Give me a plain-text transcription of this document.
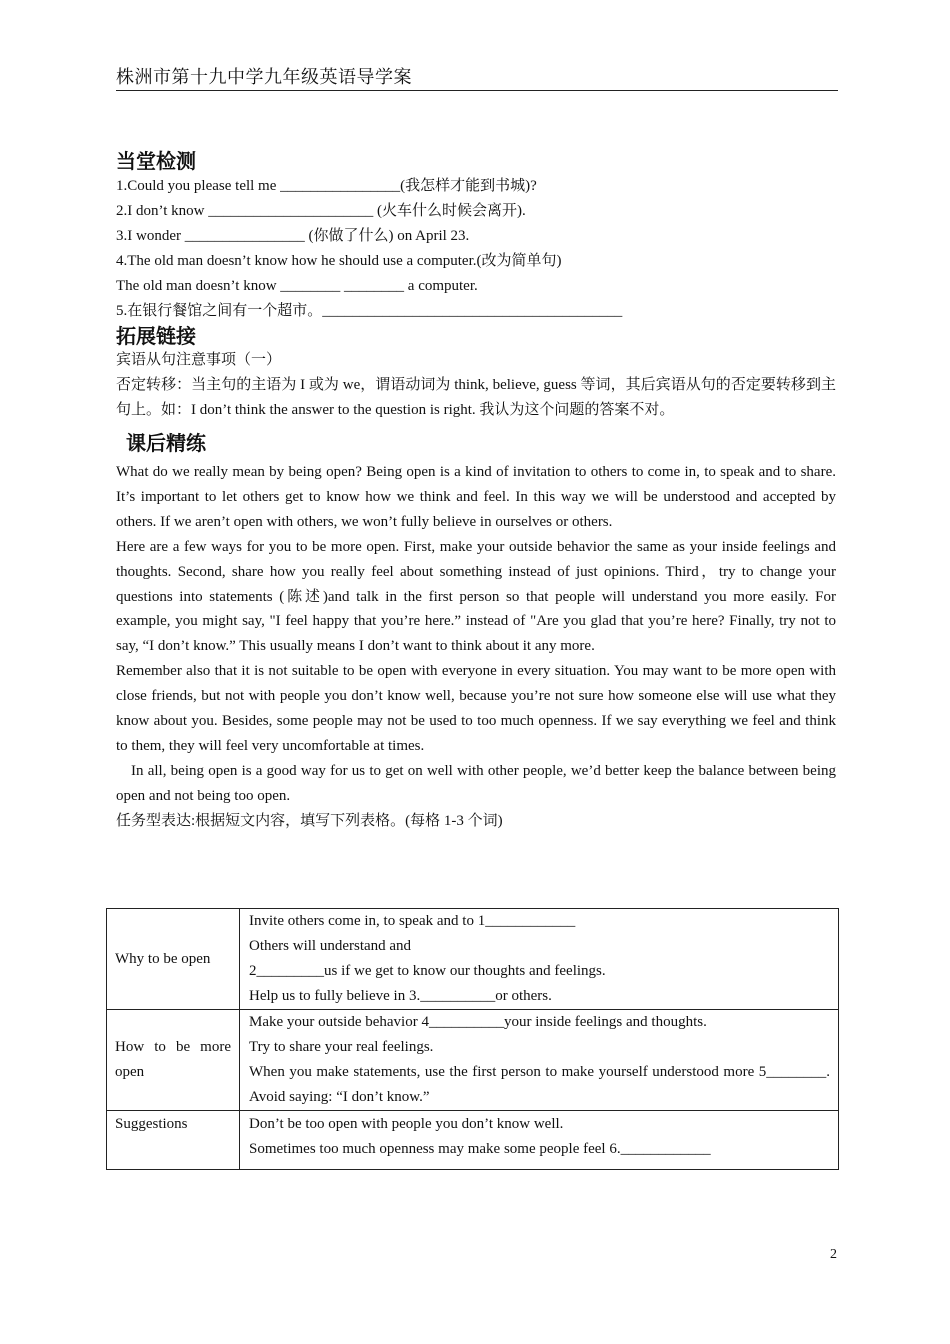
株洲市第十九中学九年级英语导学案
当堂检测
1.Could you please tell me ________________(我怎样才能到书城)?
2.I don’t know ______________________ (火车什么时候会离开).
3.I wonder ________________ (你做了什么) on April 23.
4.The old man doesn’t know how he should use a computer.(改为简单句)
The old man doesn’t know ________ ________ a computer.
5.在银行餐馆之间有一个超市。________________________________________
拓展链接
宾语从句注意事项（一）

否定转移：当主句的主语为 I 或为 we，谓语动词为 think, believe, guess 等词，其后宾语从句的否定要转移到主句上。如：I don’t think the answer to the question is right. 我认为这个问题的答案不对。

课后精练

What do we really mean by being open? Being open is a kind of invitation to others to come in, to speak and to share. It’s important to let others get to know how we think and feel. In this way we will be understood and accepted by others. If we aren’t open with others, we won’t fully believe in ourselves or others.

Here are a few ways for you to be more open. First, make your outside behavior the same as your inside feelings and thoughts. Second, share how you really feel about something instead of just opinions. Third，try to change your questions into statements (陈述)and talk in the first person so that people will understand you more easily. For example, you might say, "I feel happy that you’re here.” instead of "Are you glad that you’re here? Finally, try not to say, “I don’t know.” This usually means I don’t want to think about it any more.

Remember also that it is not suitable to be open with everyone in every situation. You may want to be more open with close friends, but not with people you don’t know well, because you’re not sure how someone else will use what they know about you. Besides, some people may not be used to too much openness. If we say everything we feel and think to them, they will feel very uncomfortable at times.

In all, being open is a good way for us to get on well with other people, we’d better keep the balance between being open and not being too open.

任务型表达:根据短文内容，填写下列表格。(每格 1-3 个词)

Why to be open	Invite others come in, to speak and to 1____________

Others will understand and

2_________us if we get to know our thoughts and feelings.

Help us to fully believe in 3.__________or others.

How to be more open	Make your outside behavior 4__________your inside feelings and thoughts.

Try to share your real feelings.

When you make statements, use the first person to make yourself understood more 5________. Avoid saying: “I don’t know.”

Suggestions	Don’t be too open with people you don’t know well.

Sometimes too much openness may make some people feel 6.____________

2
